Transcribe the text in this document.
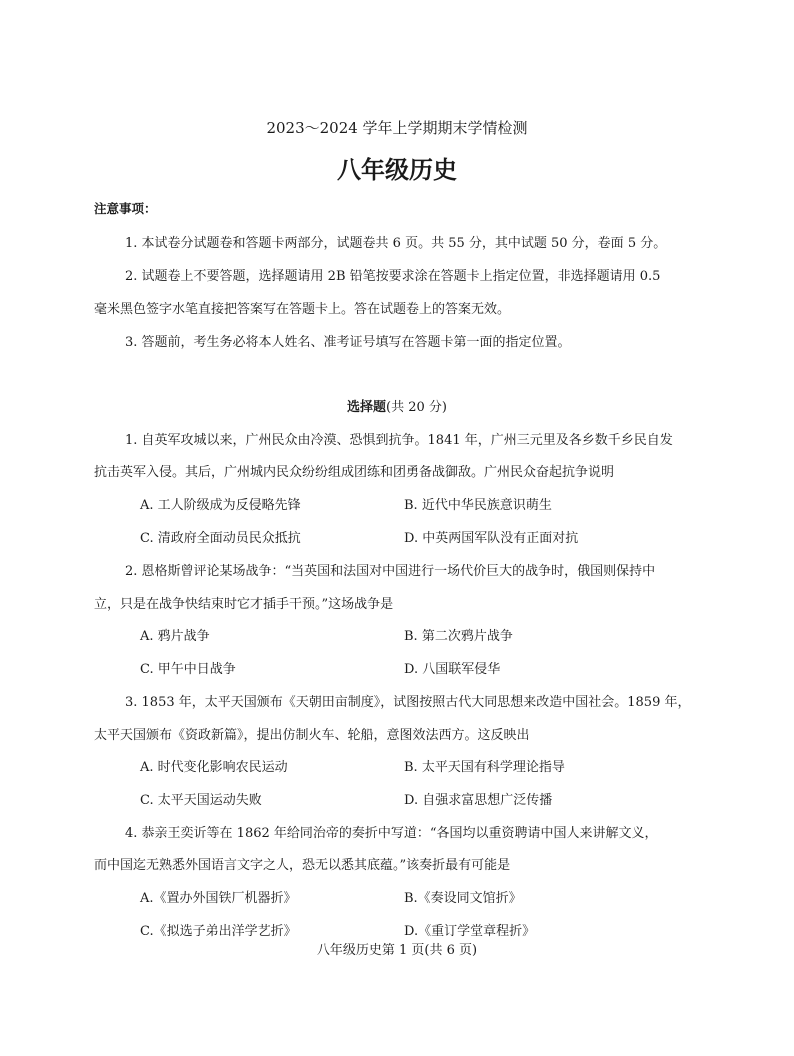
2023～2024 学年上学期期末学情检测
八年级历史
注意事项：
1. 本试卷分试题卷和答题卡两部分，试题卷共 6 页。共 55 分，其中试题 50 分，卷面 5 分。
2. 试题卷上不要答题，选择题请用 2B 铅笔按要求涂在答题卡上指定位置，非选择题请用 0.5
毫米黑色签字水笔直接把答案写在答题卡上。答在试题卷上的答案无效。
3. 答题前，考生务必将本人姓名、准考证号填写在答题卡第一面的指定位置。
选择题(共 20 分)
1. 自英军攻城以来，广州民众由冷漠、恐惧到抗争。1841 年，广州三元里及各乡数千乡民自发
抗击英军入侵。其后，广州城内民众纷纷组成团练和团勇备战御敌。广州民众奋起抗争说明
A. 工人阶级成为反侵略先锋	B. 近代中华民族意识萌生
C. 清政府全面动员民众抵抗	D. 中英两国军队没有正面对抗
2. 恩格斯曾评论某场战争：“当英国和法国对中国进行一场代价巨大的战争时，俄国则保持中
立，只是在战争快结束时它才插手干预。”这场战争是
A. 鸦片战争	B. 第二次鸦片战争
C. 甲午中日战争	D. 八国联军侵华
3. 1853 年，太平天国颁布《天朝田亩制度》，试图按照古代大同思想来改造中国社会。1859 年，
太平天国颁布《资政新篇》，提出仿制火车、轮船，意图效法西方。这反映出
A. 时代变化影响农民运动	B. 太平天国有科学理论指导
C. 太平天国运动失败	D. 自强求富思想广泛传播
4. 恭亲王奕䜣等在 1862 年给同治帝的奏折中写道：“各国均以重资聘请中国人来讲解文义，
而中国迄无熟悉外国语言文字之人，恐无以悉其底蕴。”该奏折最有可能是
A.《置办外国铁厂机器折》	B.《奏设同文馆折》
C.《拟选子弟出洋学艺折》	D.《重订学堂章程折》
八年级历史第 1 页(共 6 页)
